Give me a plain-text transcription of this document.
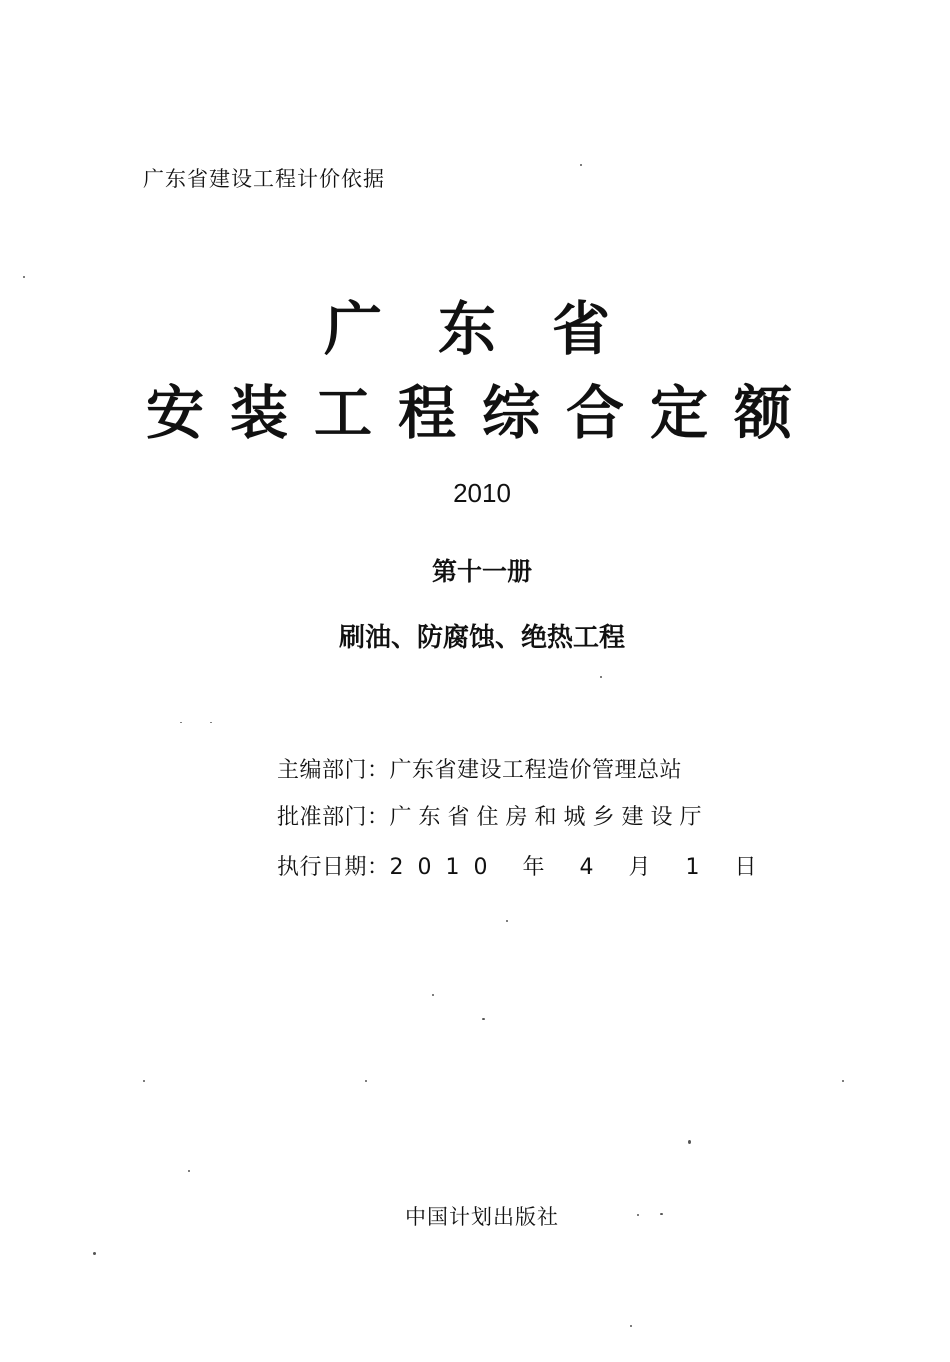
广东省建设工程计价依据
广东省
安装工程综合定额
2010
第十一册
刷油、防腐蚀、绝热工程
主编部门：广东省建设工程造价管理总站
批准部门：广东省住房和城乡建设厅
执行日期：2010 年 4 月 1 日
中国计划出版社
